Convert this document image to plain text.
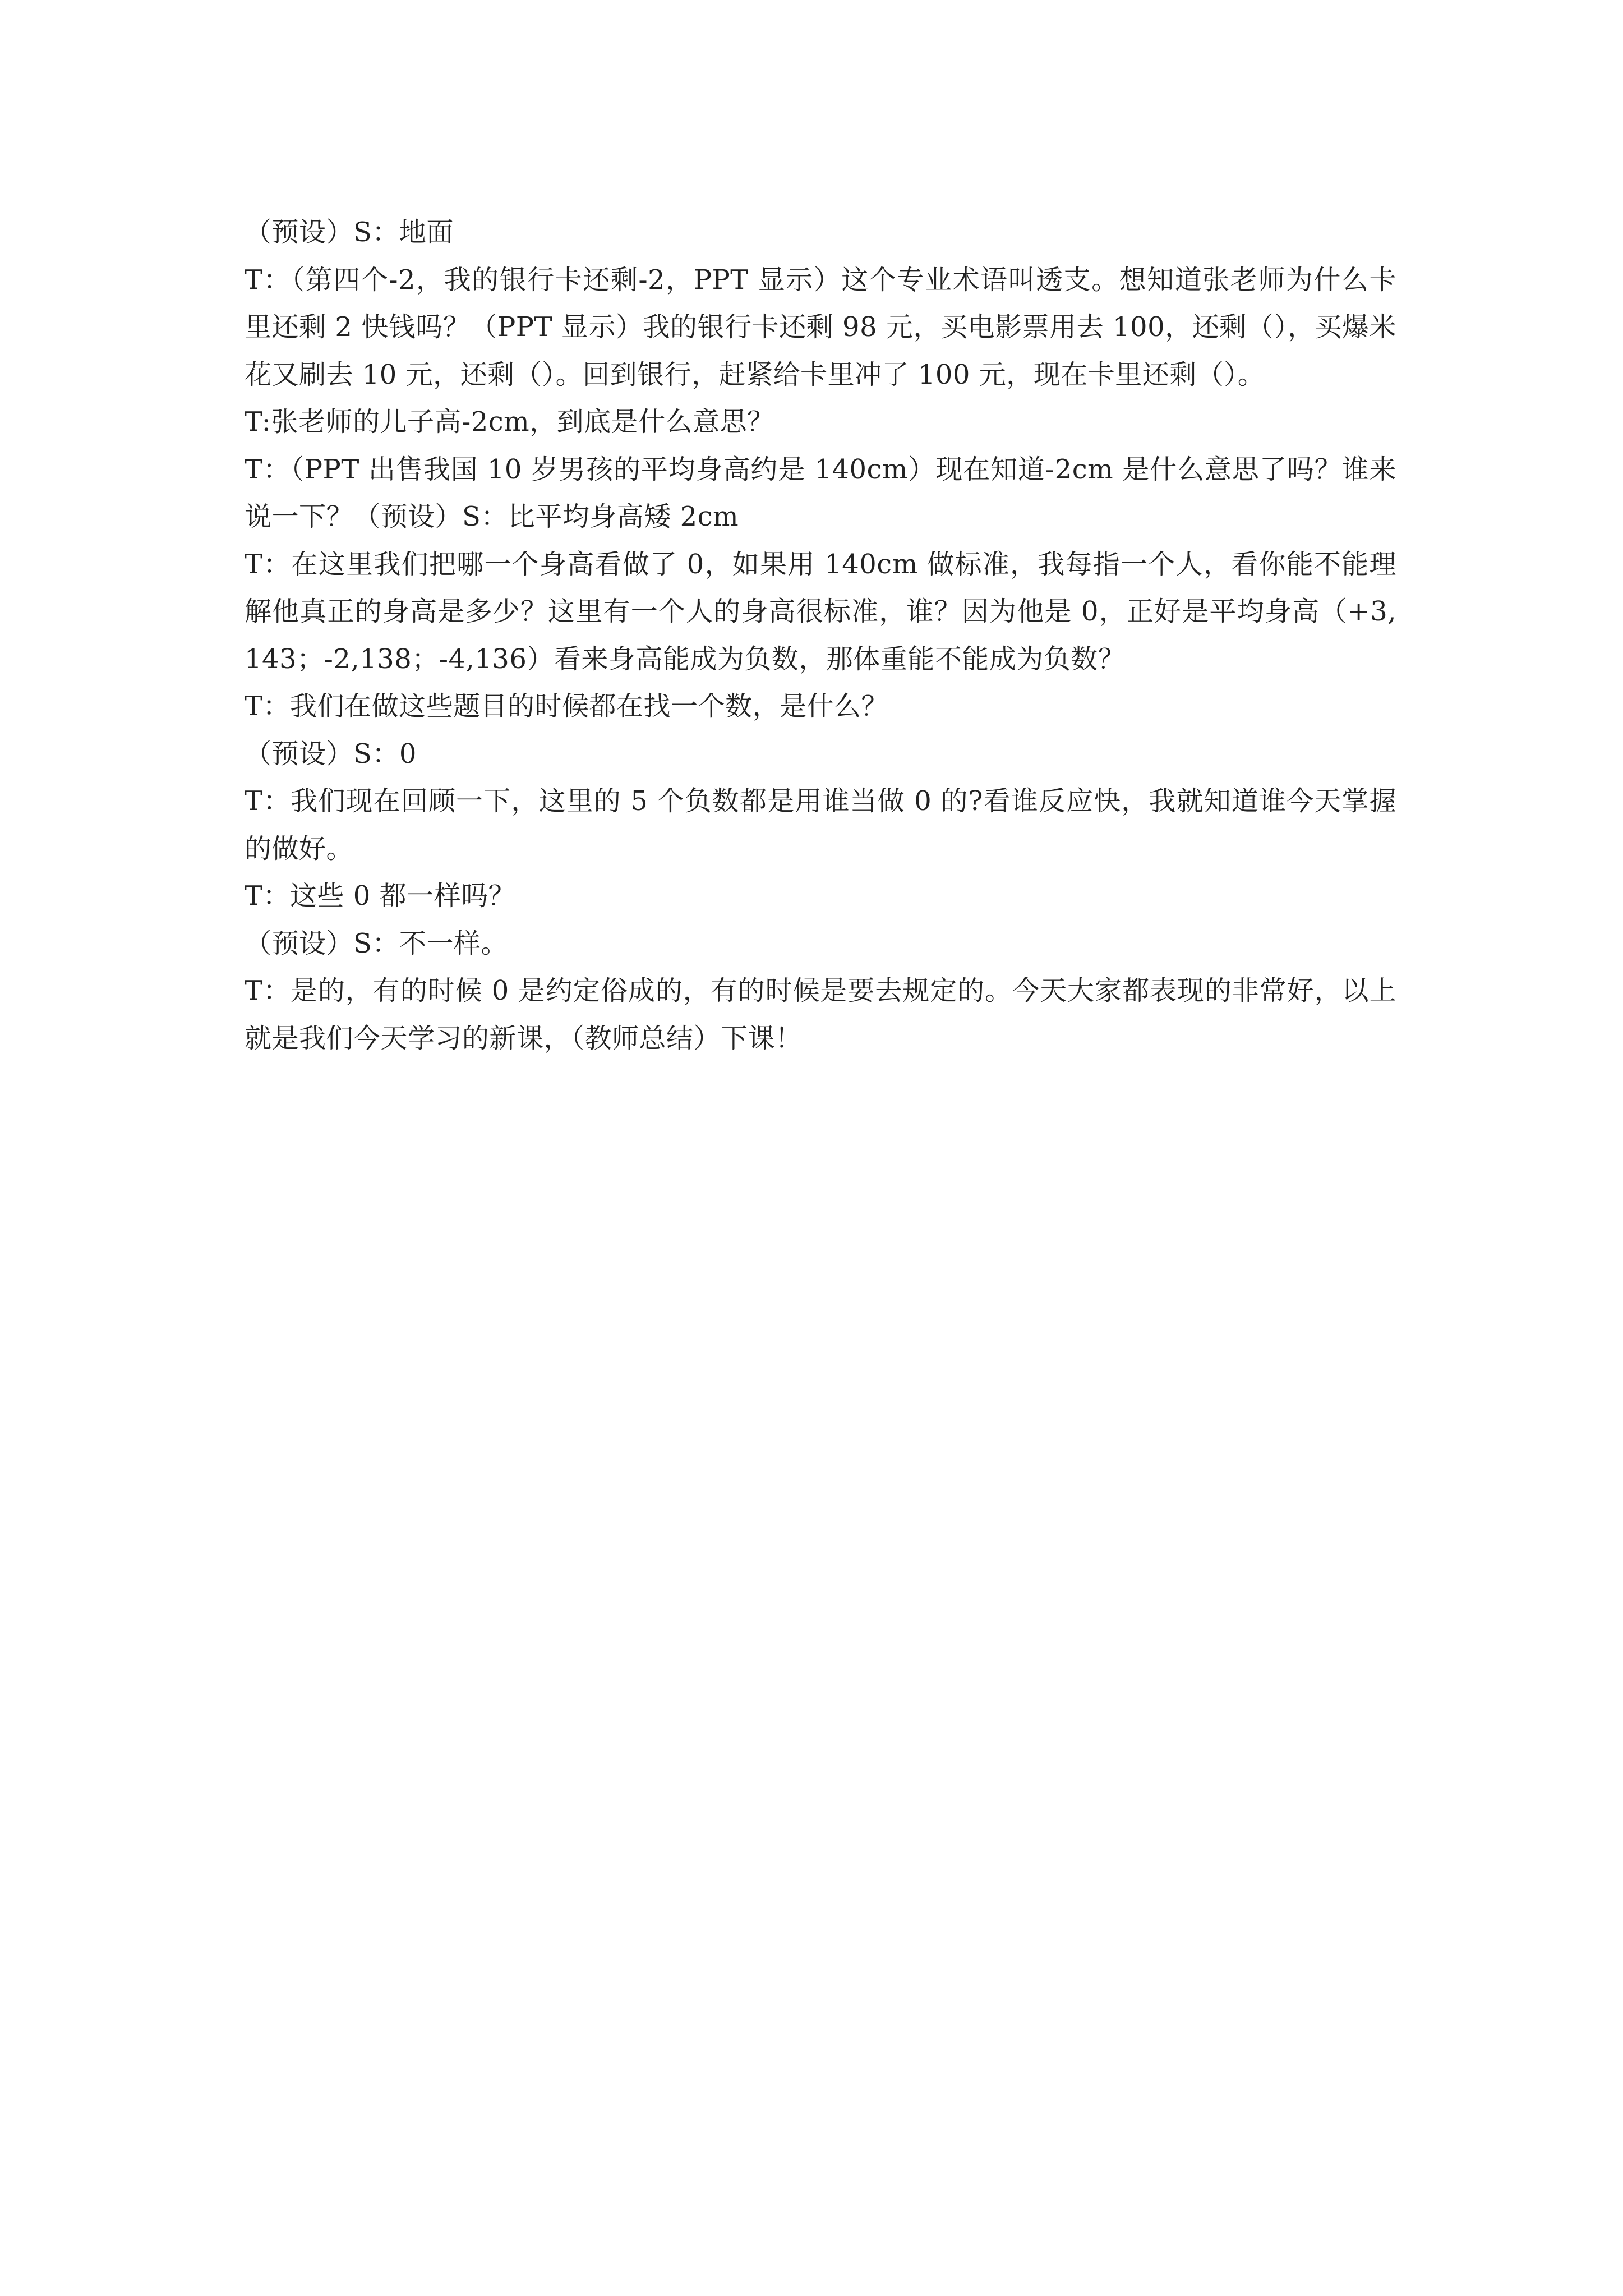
（预设）S：地面

T：（第四个-2，我的银行卡还剩-2，PPT 显示）这个专业术语叫透支。想知道张老师为什么卡里还剩 2 快钱吗？（PPT 显示）我的银行卡还剩 98 元，买电影票用去 100，还剩（），买爆米花又刷去 10 元，还剩（）。回到银行，赶紧给卡里冲了 100 元，现在卡里还剩（）。

T:张老师的儿子高-2cm，到底是什么意思？

T：（PPT 出售我国 10 岁男孩的平均身高约是 140cm）现在知道-2cm 是什么意思了吗？谁来说一下？（预设）S：比平均身高矮 2cm

T：在这里我们把哪一个身高看做了 0，如果用 140cm 做标准，我每指一个人，看你能不能理解他真正的身高是多少？这里有一个人的身高很标准，谁？因为他是 0，正好是平均身高（+3,143；-2,138；-4,136）看来身高能成为负数，那体重能不能成为负数？

T：我们在做这些题目的时候都在找一个数，是什么？

（预设）S：0

T：我们现在回顾一下，这里的 5 个负数都是用谁当做 0 的?看谁反应快，我就知道谁今天掌握的做好。

T：这些 0 都一样吗？

（预设）S：不一样。

T：是的，有的时候 0 是约定俗成的，有的时候是要去规定的。今天大家都表现的非常好，以上就是我们今天学习的新课，（教师总结）下课！
